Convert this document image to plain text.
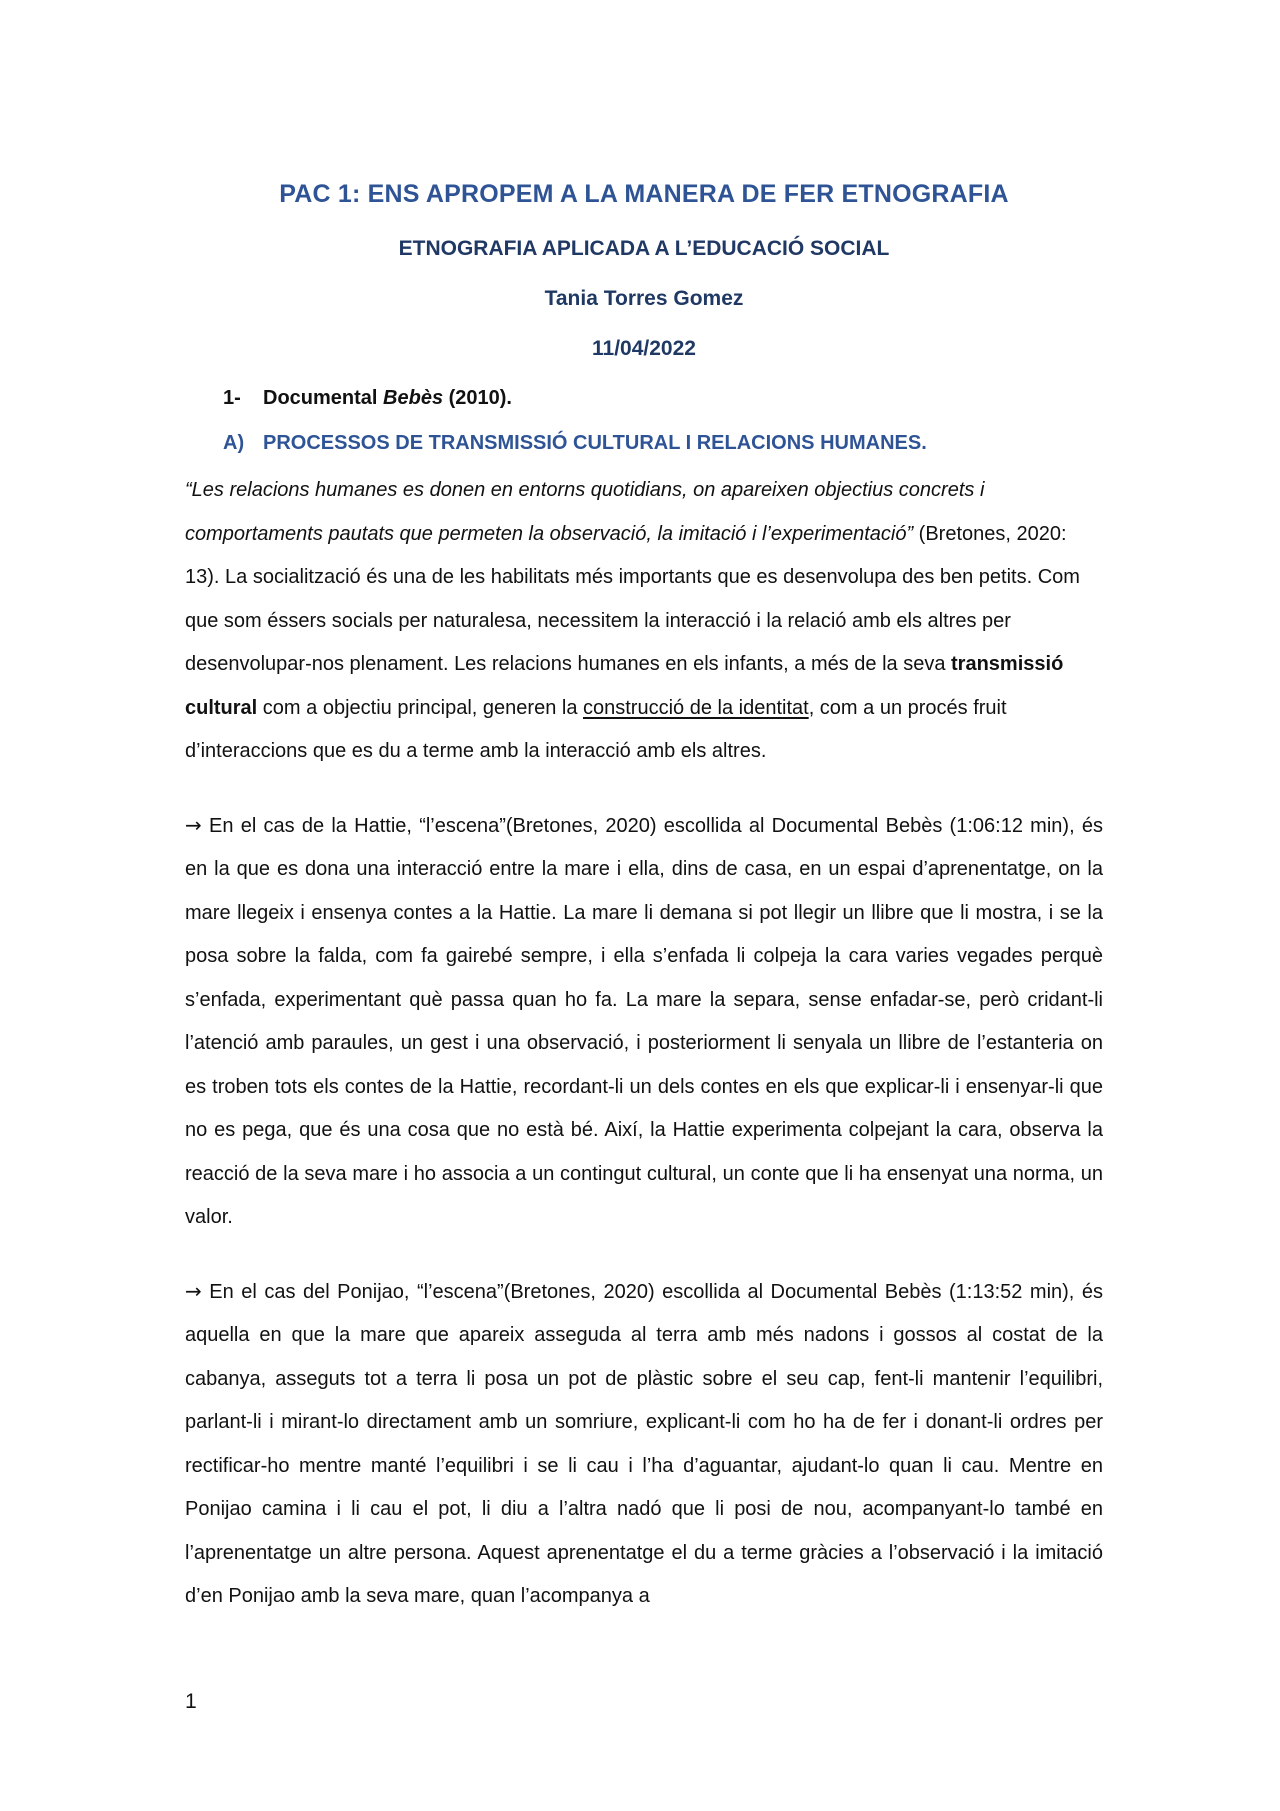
PAC 1: ENS APROPEM A LA MANERA DE FER ETNOGRAFIA
ETNOGRAFIA APLICADA A L’EDUCACIÓ SOCIAL
Tania Torres Gomez
11/04/2022
1- Documental Bebès (2010).
A) PROCESSOS DE TRANSMISSIÓ CULTURAL I RELACIONS HUMANES.

“Les relacions humanes es donen en entorns quotidians, on apareixen objectius concrets i comportaments pautats que permeten la observació, la imitació i l’experimentació” (Bretones, 2020: 13). La socialització és una de les habilitats més importants que es desenvolupa des ben petits. Com que som éssers socials per naturalesa, necessitem la interacció i la relació amb els altres per desenvolupar-nos plenament. Les relacions humanes en els infants, a més de la seva transmissió cultural com a objectiu principal, generen la construcció de la identitat, com a un procés fruit d’interaccions que es du a terme amb la interacció amb els altres.

→ En el cas de la Hattie, “l’escena”(Bretones, 2020) escollida al Documental Bebès (1:06:12 min), és en la que es dona una interacció entre la mare i ella, dins de casa, en un espai d’aprenentatge, on la mare llegeix i ensenya contes a la Hattie. La mare li demana si pot llegir un llibre que li mostra, i se la posa sobre la falda, com fa gairebé sempre, i ella s’enfada li colpeja la cara varies vegades perquè s’enfada, experimentant què passa quan ho fa. La mare la separa, sense enfadar-se, però cridant-li l’atenció amb paraules, un gest i una observació, i posteriorment li senyala un llibre de l’estanteria on es troben tots els contes de la Hattie, recordant-li un dels contes en els que explicar-li i ensenyar-li que no es pega, que és una cosa que no està bé. Així, la Hattie experimenta colpejant la cara, observa la reacció de la seva mare i ho associa a un contingut cultural, un conte que li ha ensenyat una norma, un valor.

→ En el cas del Ponijao, “l’escena”(Bretones, 2020) escollida al Documental Bebès (1:13:52 min), és aquella en que la mare que apareix asseguda al terra amb més nadons i gossos al costat de la cabanya, asseguts tot a terra li posa un pot de plàstic sobre el seu cap, fent-li mantenir l’equilibri, parlant-li i mirant-lo directament amb un somriure, explicant-li com ho ha de fer i donant-li ordres per rectificar-ho mentre manté l’equilibri i se li cau i l’ha d’aguantar, ajudant-lo quan li cau. Mentre en Ponijao camina i li cau el pot, li diu a l’altra nadó que li posi de nou, acompanyant-lo també en l’aprenentatge un altre persona. Aquest aprenentatge el du a terme gràcies a l’observació i la imitació d’en Ponijao amb la seva mare, quan l’acompanya a

1
